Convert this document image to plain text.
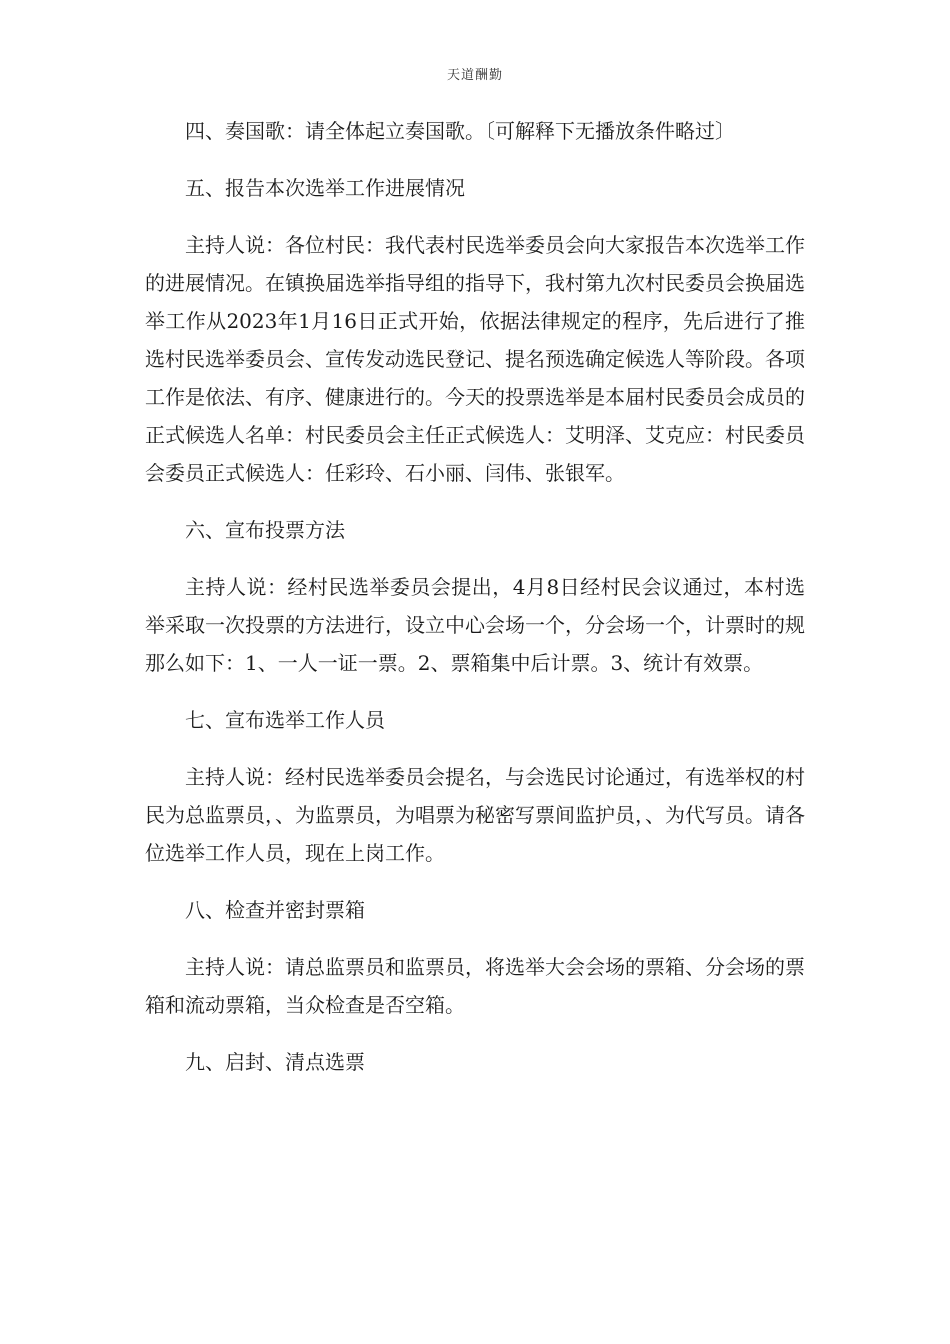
天道酬勤

四、奏国歌：请全体起立奏国歌。〔可解释下无播放条件略过〕

五、报告本次选举工作进展情况

主持人说：各位村民：我代表村民选举委员会向大家报告本次选举工作的进展情况。在镇换届选举指导组的指导下，我村第九次村民委员会换届选举工作从2023年1月16日正式开始，依据法律规定的程序，先后进行了推选村民选举委员会、宣传发动选民登记、提名预选确定候选人等阶段。各项工作是依法、有序、健康进行的。今天的投票选举是本届村民委员会成员的正式候选人名单：村民委员会主任正式候选人：艾明泽、艾克应：村民委员会委员正式候选人：任彩玲、石小丽、闫伟、张银军。

六、宣布投票方法

主持人说：经村民选举委员会提出，4月8日经村民会议通过，本村选举采取一次投票的方法进行，设立中心会场一个，分会场一个，计票时的规那么如下：1、一人一证一票。2、票箱集中后计票。3、统计有效票。

七、宣布选举工作人员

主持人说：经村民选举委员会提名，与会选民讨论通过，有选举权的村民为总监票员，、为监票员，为唱票为秘密写票间监护员，、为代写员。请各位选举工作人员，现在上岗工作。

八、检查并密封票箱

主持人说：请总监票员和监票员，将选举大会会场的票箱、分会场的票箱和流动票箱，当众检查是否空箱。

九、启封、清点选票
